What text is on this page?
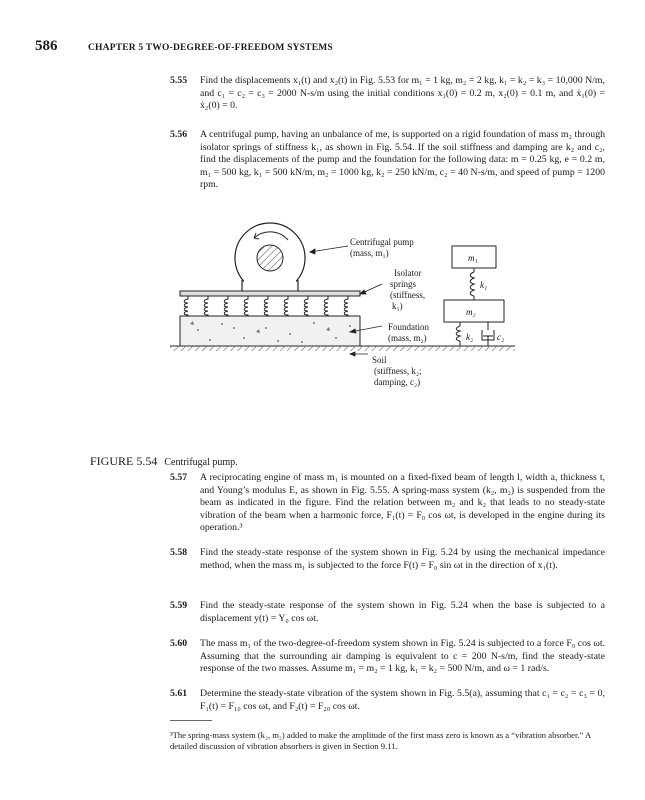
586	CHAPTER 5 TWO-DEGREE-OF-FREEDOM SYSTEMS
5.55 Find the displacements x₁(t) and x₂(t) in Fig. 5.53 for m₁ = 1 kg, m₂ = 2 kg, k₁ = k₂ = k₃ = 10,000 N/m, and c₁ = c₂ = c₃ = 2000 N-s/m using the initial conditions x₁(0) = 0.2 m, x₂(0) = 0.1 m, and ẋ₁(0) = ẋ₂(0) = 0.
5.56 A centrifugal pump, having an unbalance of me, is supported on a rigid foundation of mass m₂ through isolator springs of stiffness k₁, as shown in Fig. 5.54. If the soil stiffness and damping are k₂ and c₂, find the displacements of the pump and the foundation for the following data: m = 0.25 kg, e = 0.2 m, m₁ = 500 kg, k₁ = 500 kN/m, m₂ = 1000 kg, k₂ = 250 kN/m, c₂ = 40 N-s/m, and speed of pump = 1200 rpm.
Centrifugal pump
(mass, m₁)
Isolator
springs
(stiffness,
k₁)
Foundation
(mass, m₂)
Soil
(stiffness, k₂;
damping, c₂)
m₁
k₁
m₂
k₂	c₂
FIGURE 5.54 Centrifugal pump.
5.57 A reciprocating engine of mass m₁ is mounted on a fixed-fixed beam of length l, width a, thickness t, and Young’s modulus E, as shown in Fig. 5.55. A spring-mass system (k₂, m₂) is suspended from the beam as indicated in the figure. Find the relation between m₂ and k₂ that leads to no steady-state vibration of the beam when a harmonic force, F₁(t) = F₀ cos ωt, is developed in the engine during its operation.³
5.58 Find the steady-state response of the system shown in Fig. 5.24 by using the mechanical impedance method, when the mass m₁ is subjected to the force F(t) = F₀ sin ωt in the direction of x₁(t).
5.59 Find the steady-state response of the system shown in Fig. 5.24 when the base is subjected to a displacement y(t) = Y₀ cos ωt.
5.60 The mass m₁ of the two-degree-of-freedom system shown in Fig. 5.24 is subjected to a force F₀ cos ωt. Assuming that the surrounding air damping is equivalent to c = 200 N-s/m, find the steady-state response of the two masses. Assume m₁ = m₂ = 1 kg, k₁ = k₂ = 500 N/m, and ω = 1 rad/s.
5.61 Determine the steady-state vibration of the system shown in Fig. 5.5(a), assuming that c₁ = c₂ = c₃ = 0, F₁(t) = F₁₀ cos ωt, and F₂(t) = F₂₀ cos ωt.
³The spring-mass system (k₂, m₂) added to make the amplitude of the first mass zero is known as a “vibration absorber.” A detailed discussion of vibration absorbers is given in Section 9.11.
